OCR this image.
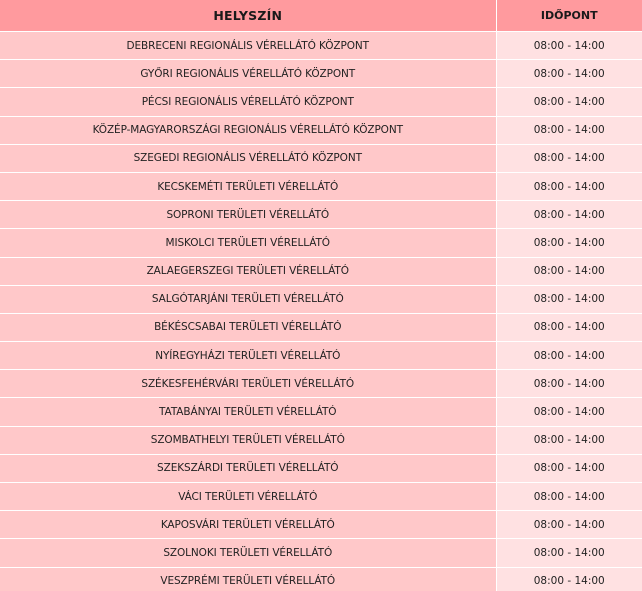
HELYSZÍN	IDŐPONT
DEBRECENI REGIONÁLIS VÉRELLÁTÓ KÖZPONT	08:00 - 14:00
GYŐRI REGIONÁLIS VÉRELLÁTÓ KÖZPONT	08:00 - 14:00
PÉCSI REGIONÁLIS VÉRELLÁTÓ KÖZPONT	08:00 - 14:00
KÖZÉP-MAGYARORSZÁGI REGIONÁLIS VÉRELLÁTÓ KÖZPONT	08:00 - 14:00
SZEGEDI REGIONÁLIS VÉRELLÁTÓ KÖZPONT	08:00 - 14:00
KECSKEMÉTI TERÜLETI VÉRELLÁTÓ	08:00 - 14:00
SOPRONI TERÜLETI VÉRELLÁTÓ	08:00 - 14:00
MISKOLCI TERÜLETI VÉRELLÁTÓ	08:00 - 14:00
ZALAEGERSZEGI TERÜLETI VÉRELLÁTÓ	08:00 - 14:00
SALGÓTARJÁNI TERÜLETI VÉRELLÁTÓ	08:00 - 14:00
BÉKÉSCSABAI TERÜLETI VÉRELLÁTÓ	08:00 - 14:00
NYÍREGYHÁZI TERÜLETI VÉRELLÁTÓ	08:00 - 14:00
SZÉKESFEHÉRVÁRI TERÜLETI VÉRELLÁTÓ	08:00 - 14:00
TATABÁNYAI TERÜLETI VÉRELLÁTÓ	08:00 - 14:00
SZOMBATHELYI TERÜLETI VÉRELLÁTÓ	08:00 - 14:00
SZEKSZÁRDI TERÜLETI VÉRELLÁTÓ	08:00 - 14:00
VÁCI TERÜLETI VÉRELLÁTÓ	08:00 - 14:00
KAPOSVÁRI TERÜLETI VÉRELLÁTÓ	08:00 - 14:00
SZOLNOKI TERÜLETI VÉRELLÁTÓ	08:00 - 14:00
VESZPRÉMI TERÜLETI VÉRELLÁTÓ	08:00 - 14:00
